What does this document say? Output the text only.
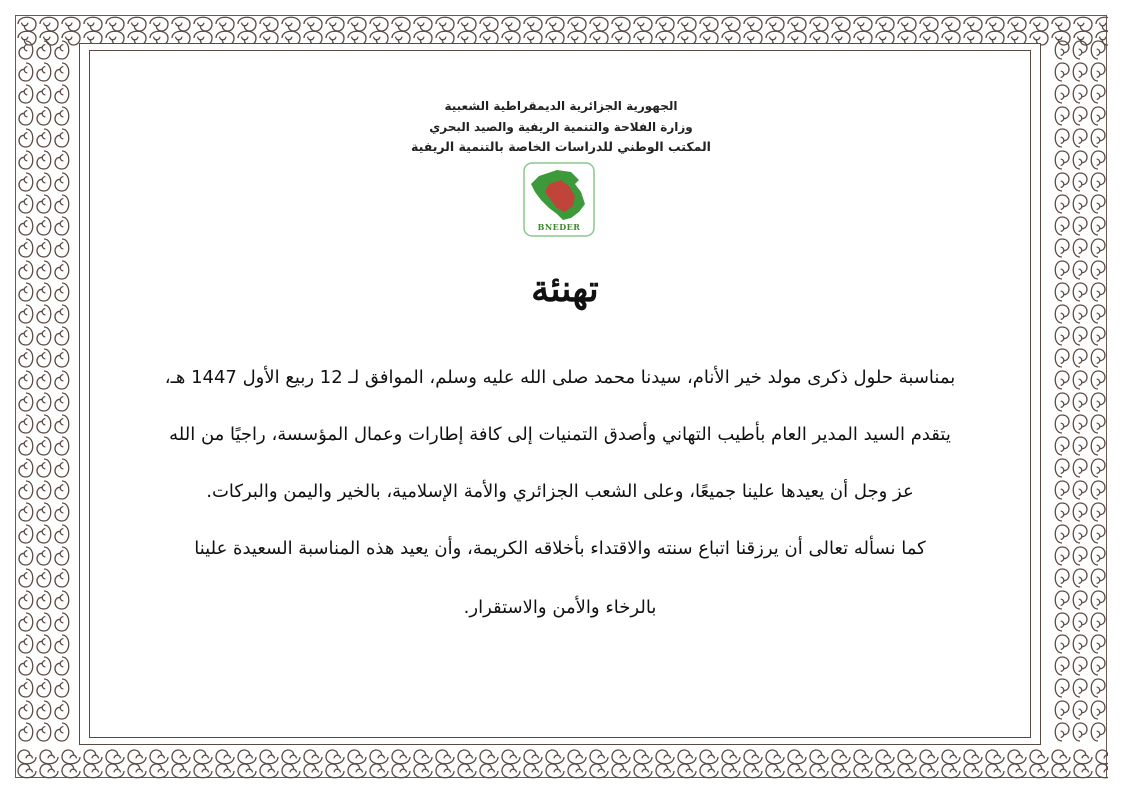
الجهورية الجزائرية الديمقراطية الشعبية
وزارة الفلاحة والتنمية الريفية والصيد البحري
المكتب الوطني للدراسات الخاصة بالتنمية الريفية
BNEDER
تهنئة
بمناسبة حلول ذكرى مولد خير الأنام، سيدنا محمد صلى الله عليه وسلم، الموافق لـ 12 ربيع الأول 1447 هـ،
يتقدم السيد المدير العام بأطيب التهاني وأصدق التمنيات إلى كافة إطارات وعمال المؤسسة، راجيًا من الله
عز وجل أن يعيدها علينا جميعًا، وعلى الشعب الجزائري والأمة الإسلامية، بالخير واليمن والبركات.
كما نسأله تعالى أن يرزقنا اتباع سنته والاقتداء بأخلاقه الكريمة، وأن يعيد هذه المناسبة السعيدة علينا
بالرخاء والأمن والاستقرار.
